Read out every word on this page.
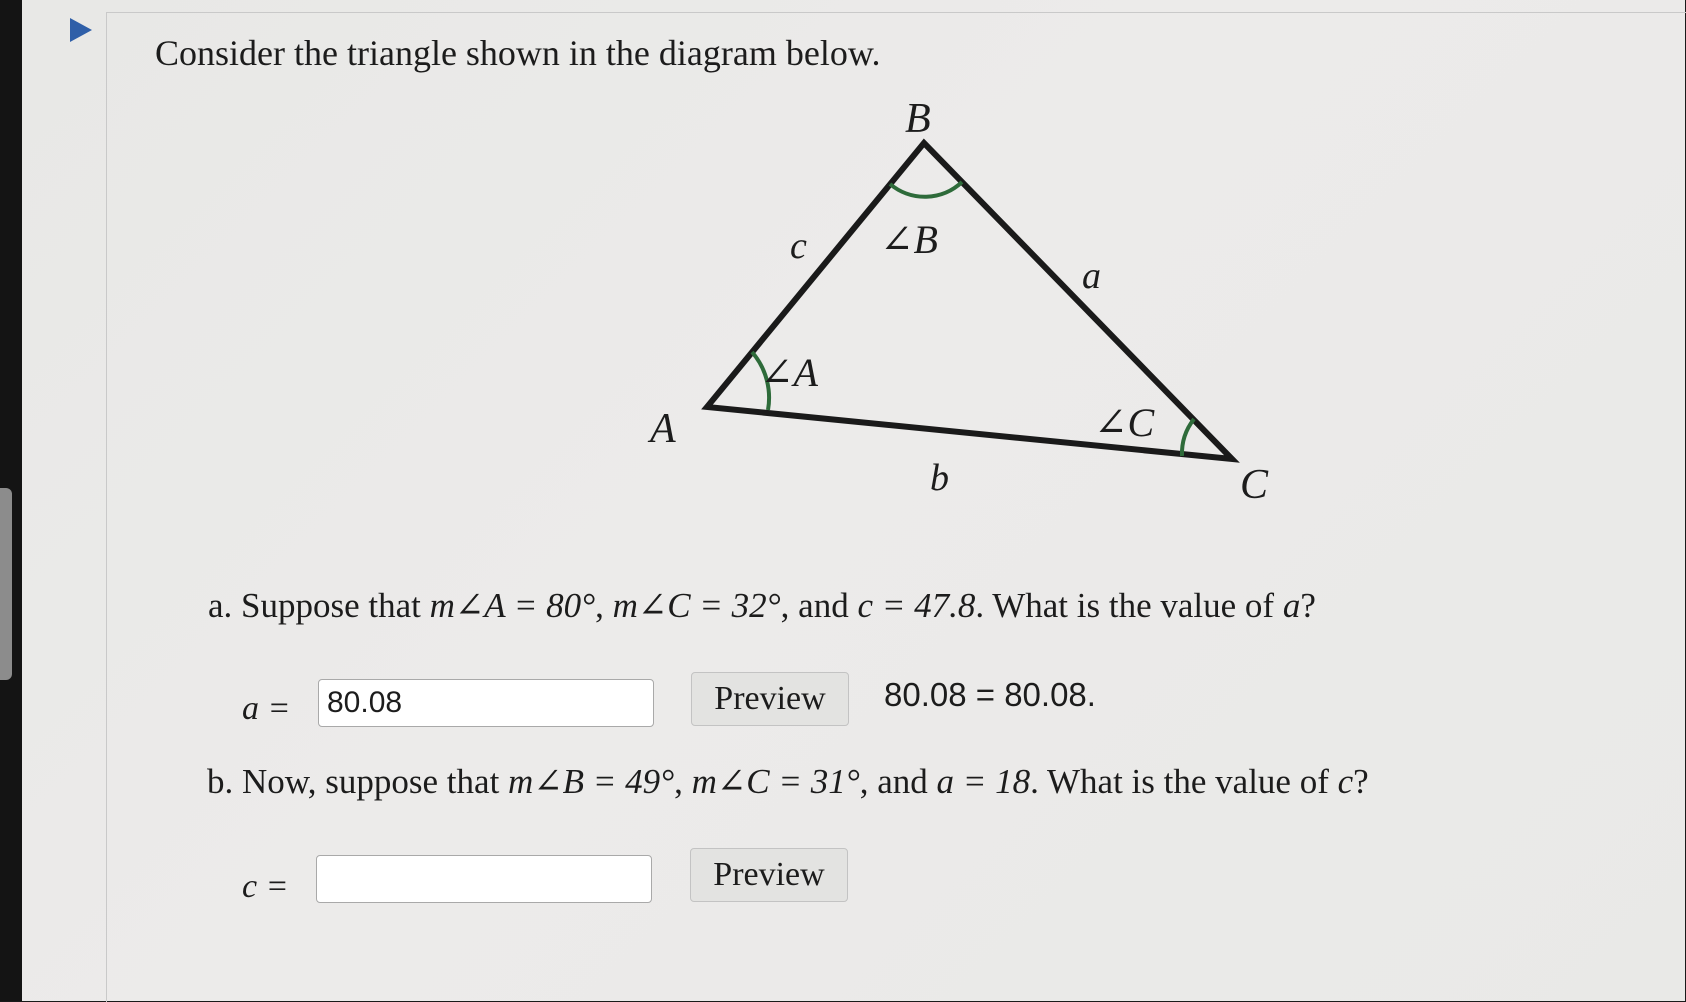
Consider the triangle shown in the diagram below.
B
A
C
c
a
b
∠B
∠A
∠C
a. Suppose that m∠A = 80°, m∠C = 32°, and c = 47.8. What is the value of a?
a =
80.08	Preview	80.08 = 80.08.
b. Now, suppose that m∠B = 49°, m∠C = 31°, and a = 18. What is the value of c?
c =	Preview
